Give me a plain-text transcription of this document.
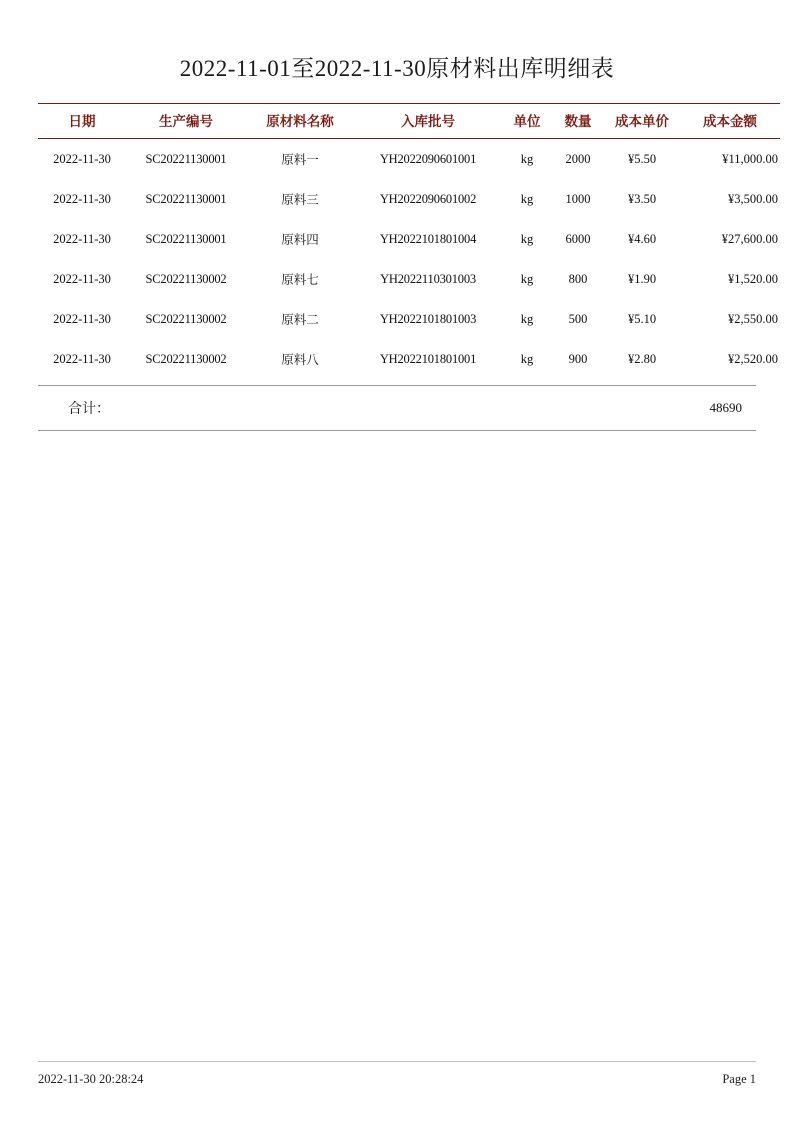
2022-11-01至2022-11-30原材料出库明细表
日期	生产编号	原材料名称	入库批号	单位	数量	成本单价	成本金额
2022-11-30	SC20221130001	原料一	YH2022090601001	kg	2000	¥5.50	¥11,000.00
2022-11-30	SC20221130001	原料三	YH2022090601002	kg	1000	¥3.50	¥3,500.00
2022-11-30	SC20221130001	原料四	YH2022101801004	kg	6000	¥4.60	¥27,600.00
2022-11-30	SC20221130002	原料七	YH2022110301003	kg	800	¥1.90	¥1,520.00
2022-11-30	SC20221130002	原料二	YH2022101801003	kg	500	¥5.10	¥2,550.00
2022-11-30	SC20221130002	原料八	YH2022101801001	kg	900	¥2.80	¥2,520.00
合计：	48690
2022-11-30 20:28:24	Page 1
